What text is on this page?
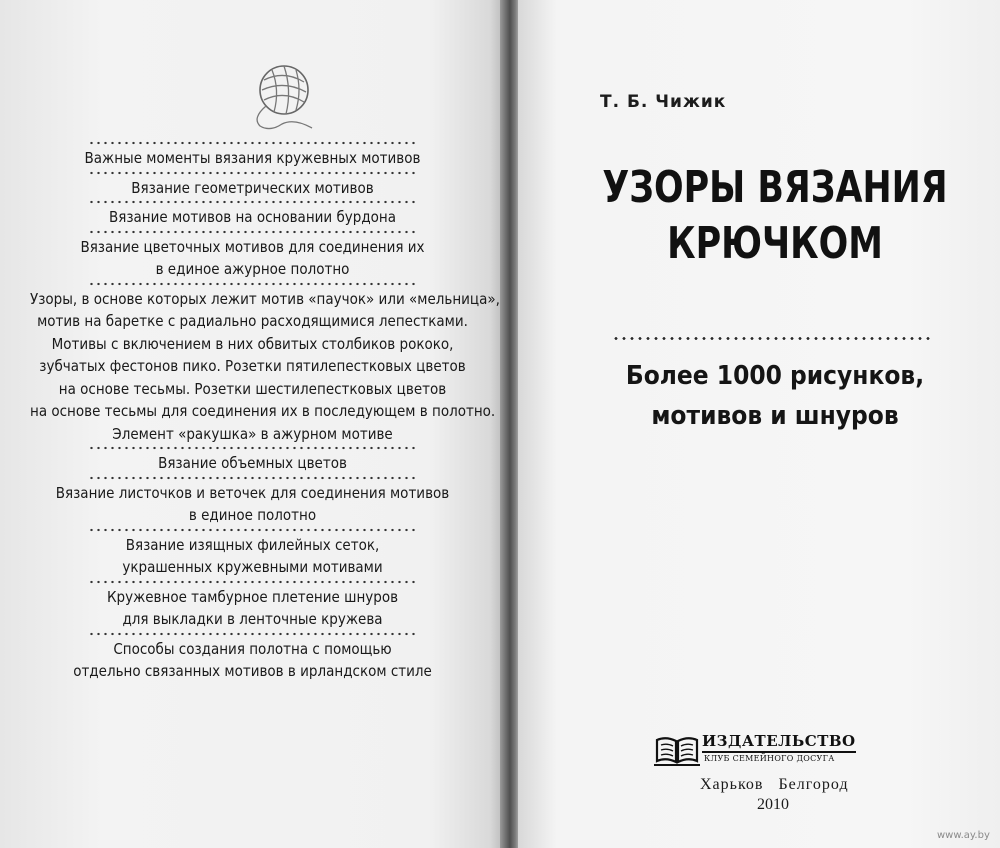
Важные моменты вязания кружевных мотивов
Вязание геометрических мотивов
Вязание мотивов на основании бурдона
Вязание цветочных мотивов для соединения их
в единое ажурное полотно
Узоры, в основе которых лежит мотив «паучок» или «мельница»,
мотив на баретке с радиально расходящимися лепестками.
Мотивы с включением в них обвитых столбиков рококо,
зубчатых фестонов пико. Розетки пятилепестковых цветов
на основе тесьмы. Розетки шестилепестковых цветов
на основе тесьмы для соединения их в последующем в полотно.
Элемент «ракушка» в ажурном мотиве
Вязание объемных цветов
Вязание листочков и веточек для соединения мотивов
в единое полотно
Вязание изящных филейных сеток,
украшенных кружевными мотивами
Кружевное тамбурное плетение шнуров
для выкладки в ленточные кружева
Способы создания полотна с помощью
отдельно связанных мотивов в ирландском стиле
Т. Б. Чижик
УЗОРЫ ВЯЗАНИЯ
КРЮЧКОМ
Более 1000 рисунков,
мотивов и шнуров
ИЗДАТЕЛЬСТВО
КЛУБ СЕМЕЙНОГО ДОСУГА
Харьков   Белгород
2010
www.ay.by
